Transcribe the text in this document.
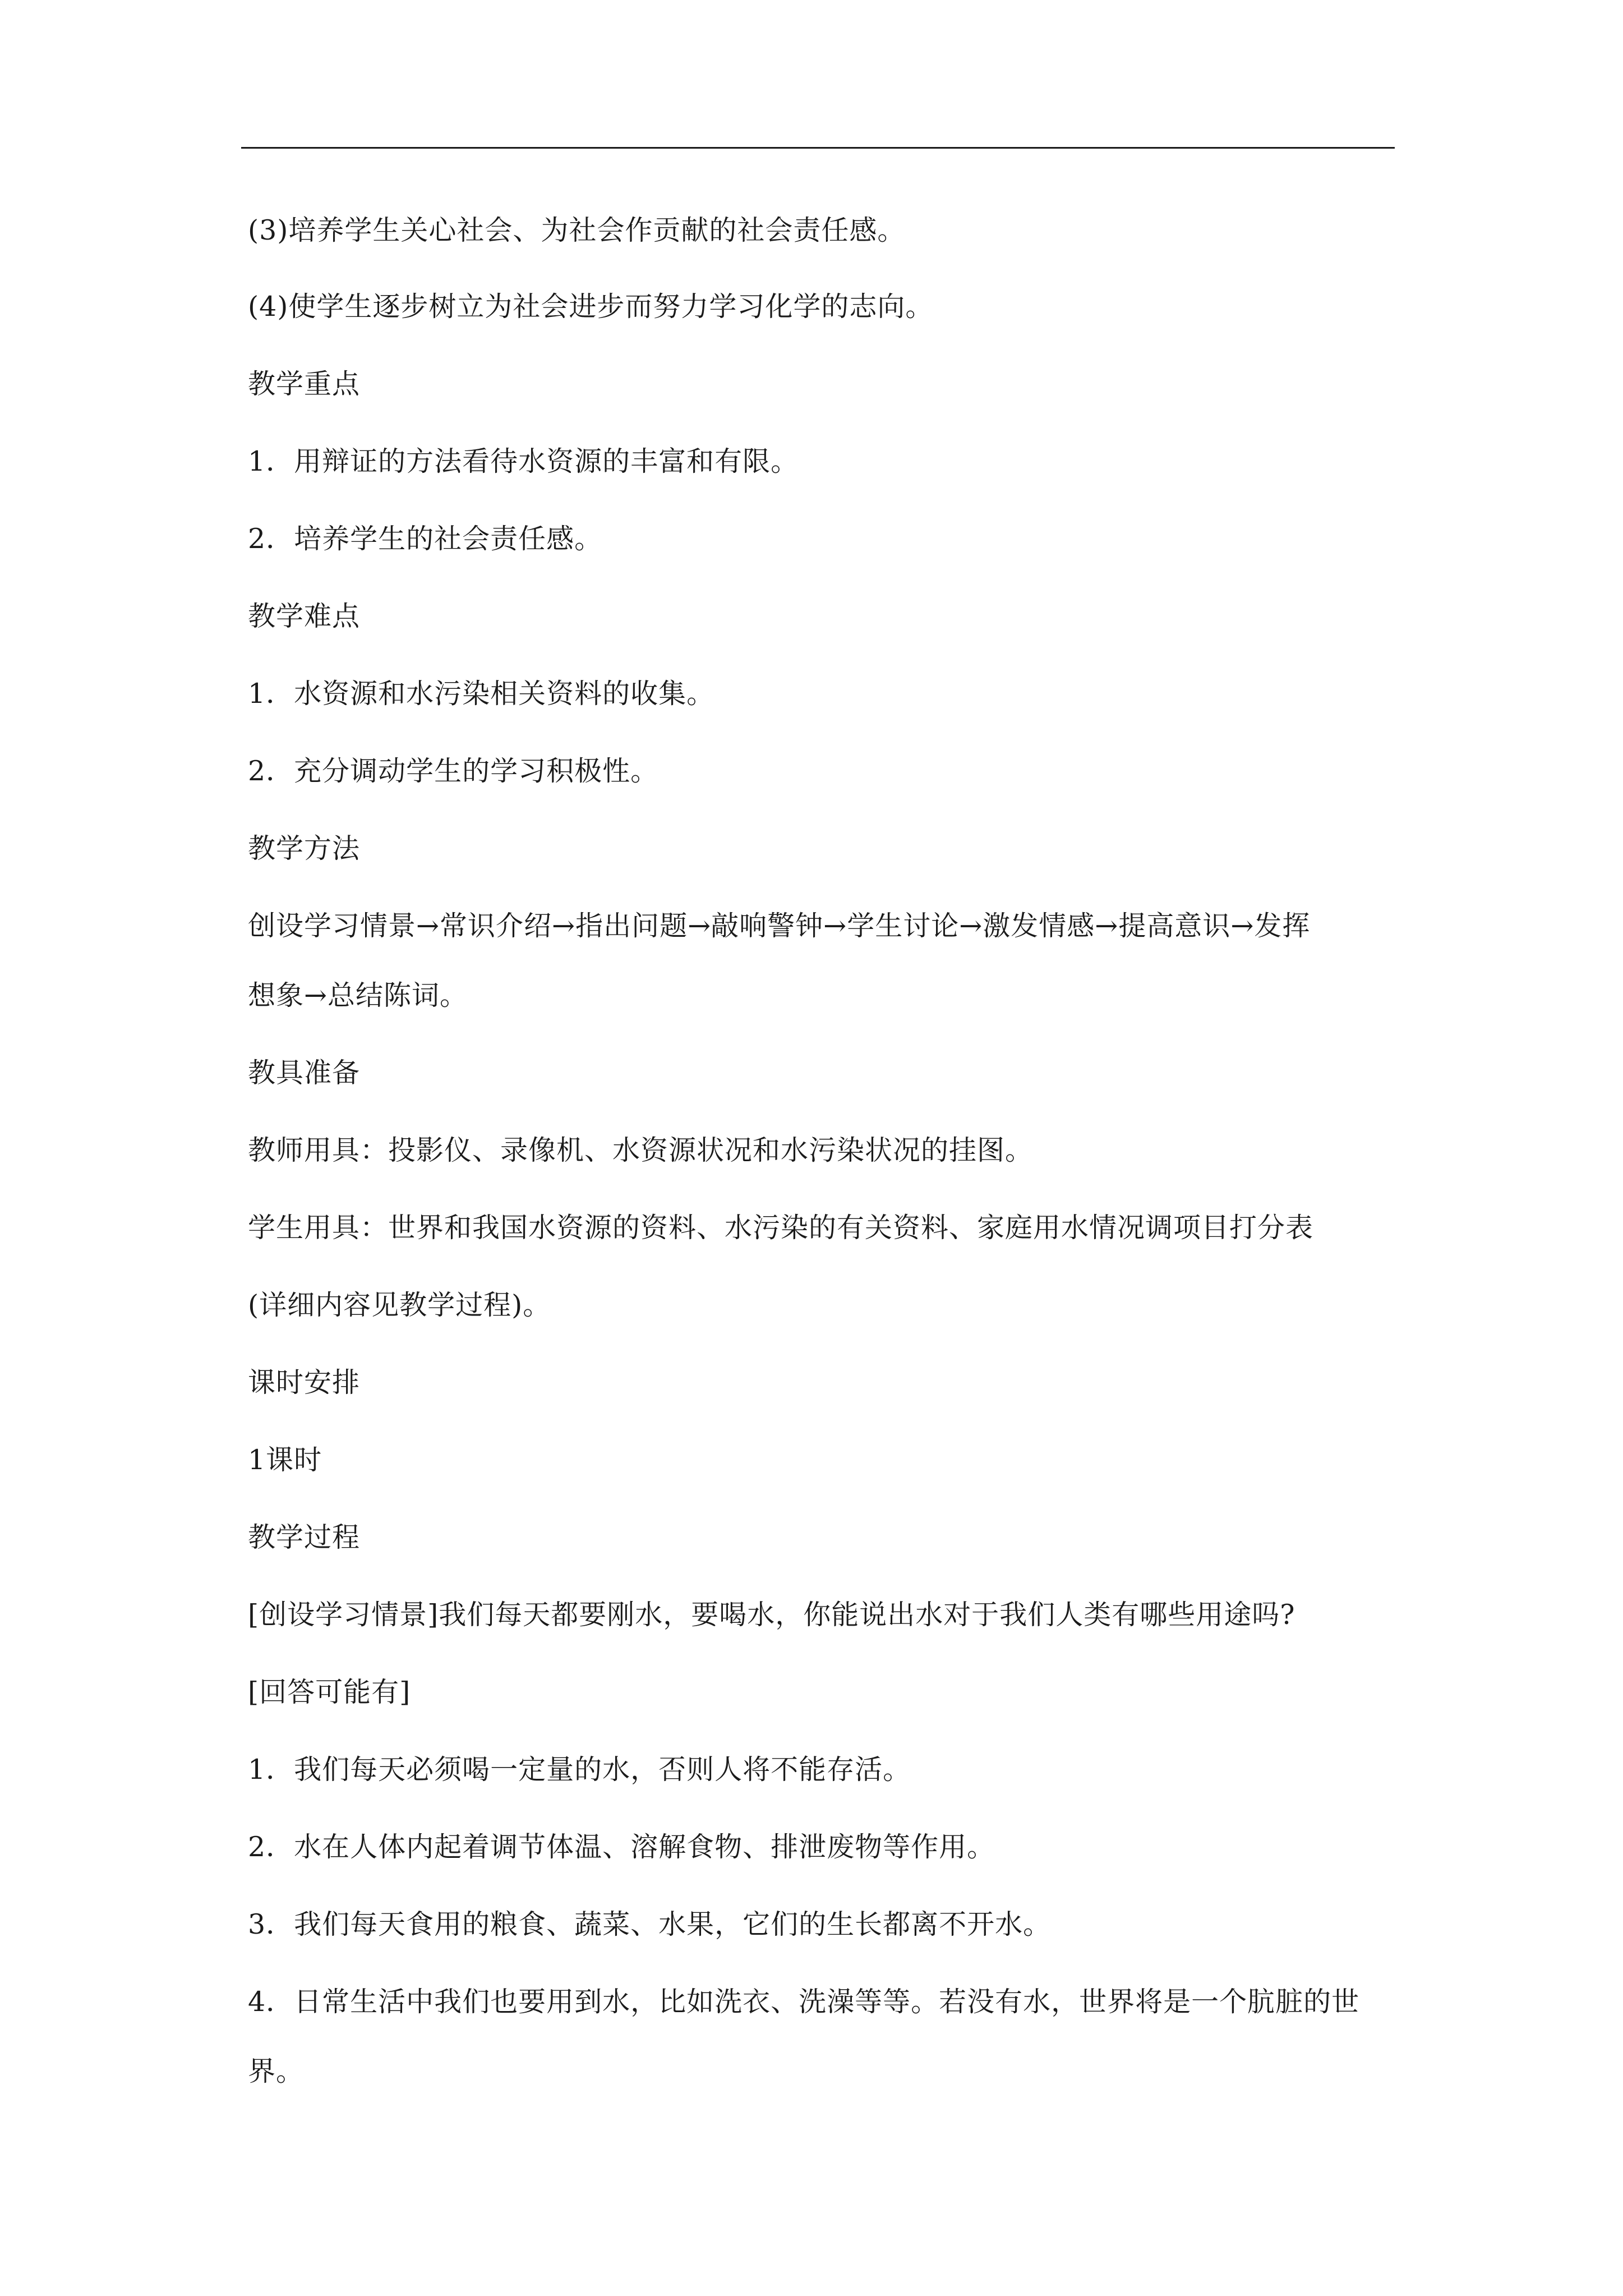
(3)培养学生关心社会、为社会作贡献的社会责任感。
(4)使学生逐步树立为社会进步而努力学习化学的志向。
教学重点
1．用辩证的方法看待水资源的丰富和有限。
2．培养学生的社会责任感。
教学难点
1．水资源和水污染相关资料的收集。
2．充分调动学生的学习积极性。
教学方法
创设学习情景→常识介绍→指出问题→敲响警钟→学生讨论→激发情感→提高意识→发挥
想象→总结陈词。
教具准备
教师用具：投影仪、录像机、水资源状况和水污染状况的挂图。
学生用具：世界和我国水资源的资料、水污染的有关资料、家庭用水情况调项目打分表
(详细内容见教学过程)。
课时安排
1课时
教学过程
[创设学习情景]我们每天都要刚水，要喝水，你能说出水对于我们人类有哪些用途吗?
[回答可能有]
1．我们每天必须喝一定量的水，否则人将不能存活。
2．水在人体内起着调节体温、溶解食物、排泄废物等作用。
3．我们每天食用的粮食、蔬菜、水果，它们的生长都离不开水。
4．日常生活中我们也要用到水，比如洗衣、洗澡等等。若没有水，世界将是一个肮脏的世
界。
